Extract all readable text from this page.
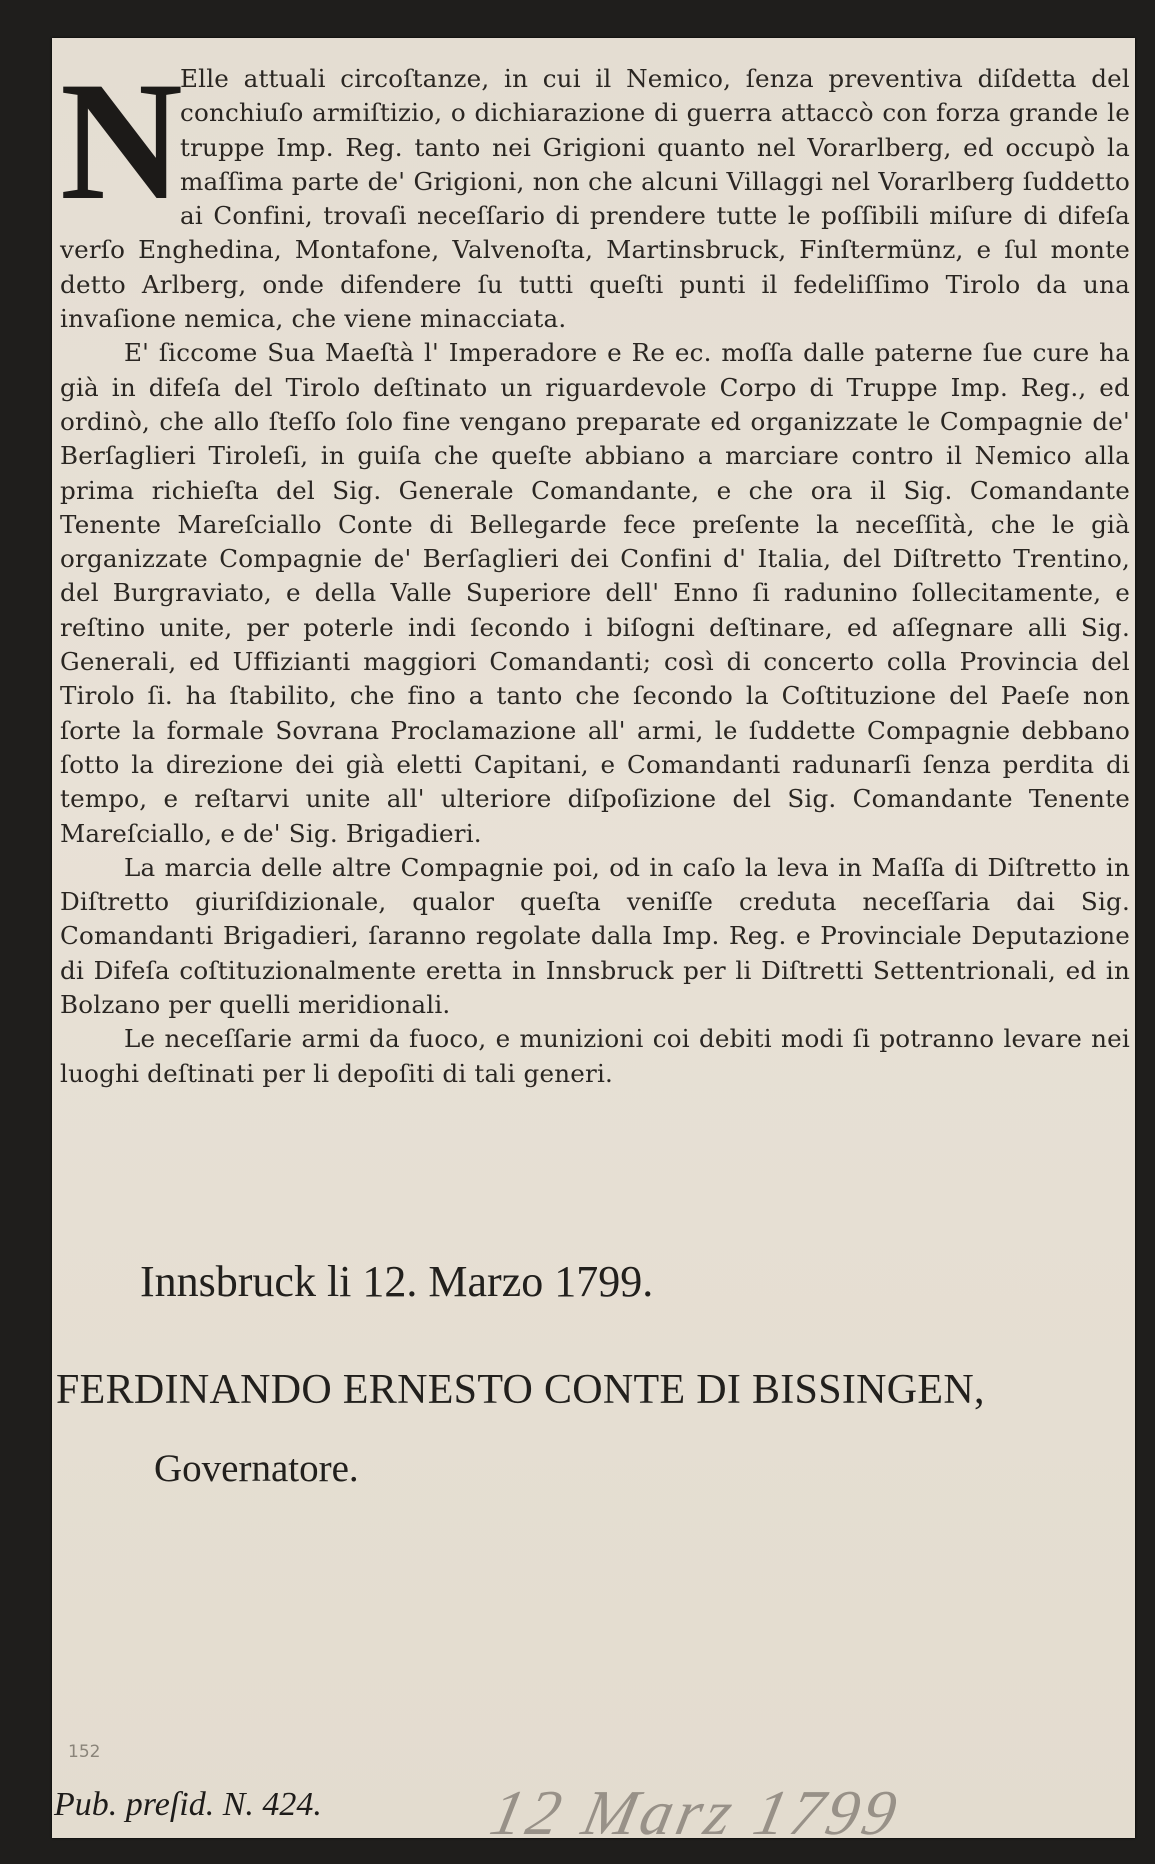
N

Elle attuali circoſtanze, in cui il Nemico, ſenza preventiva diſdetta del conchiuſo armiſtizio, o dichiarazione di guerra attaccò con forza grande le truppe Imp. Reg. tanto nei Grigioni quanto nel Vorarlberg, ed occupò la maſſima parte de' Grigioni, non che alcuni Villaggi nel Vorarlberg ſuddetto ai Confini, trovaſi neceſſario di prendere tutte le poſſibili miſure di difeſa verſo Enghedina, Montafone, Valvenoſta, Martinsbruck, Finſtermünz, e ſul monte detto Arlberg, onde difendere ſu tutti queſti punti il fedeliſſimo Tirolo da una invaſione nemica, che viene minacciata.

E' ſiccome Sua Maeſtà l' Imperadore e Re ec. moſſa dalle paterne ſue cure ha già in difeſa del Tirolo deſtinato un riguardevole Corpo di Truppe Imp. Reg., ed ordinò, che allo ſteſſo ſolo fine vengano preparate ed organizzate le Compagnie de' Berſaglieri Tiroleſi, in guiſa che queſte abbiano a marciare contro il Nemico alla prima richieſta del Sig. Generale Comandante, e che ora il Sig. Comandante Tenente Mareſciallo Conte di Bellegarde fece preſente la neceſſità, che le già organizzate Compagnie de' Berſaglieri dei Confini d' Italia, del Diſtretto Trentino, del Burgraviato, e della Valle Superiore dell' Enno ſi radunino ſollecitamente, e reſtino unite, per poterle indi ſecondo i biſogni deſtinare, ed aſſegnare alli Sig. Generali, ed Uffizianti maggiori Comandanti; così di concerto colla Provincia del Tirolo ſi. ha ſtabilito, che fino a tanto che ſecondo la Coſtituzione del Paeſe non ſorte la formale Sovrana Proclamazione all' armi, le ſuddette Compagnie debbano ſotto la direzione dei già eletti Capitani, e Comandanti radunarſi ſenza perdita di tempo, e reſtarvi unite all' ulteriore diſpoſizione del Sig. Comandante Tenente Mareſciallo, e de' Sig. Brigadieri.

La marcia delle altre Compagnie poi, od in caſo la leva in Maſſa di Diſtretto in Diſtretto giuriſdizionale, qualor queſta veniſſe creduta neceſſaria dai Sig. Comandanti Brigadieri, ſaranno regolate dalla Imp. Reg. e Provinciale Deputazione di Difeſa coſtituzionalmente eretta in Innsbruck per li Diſtretti Settentrionali, ed in Bolzano per quelli meridionali.

Le neceſſarie armi da fuoco, e munizioni coi debiti modi ſi potranno levare nei luoghi deſtinati per li depoſiti di tali generi.

Innsbruck li 12. Marzo 1799.
FERDINANDO ERNESTO CONTE DI BISSINGEN,
Governatore.
152
Pub. preſid. N. 424.	12 Marz 1799
